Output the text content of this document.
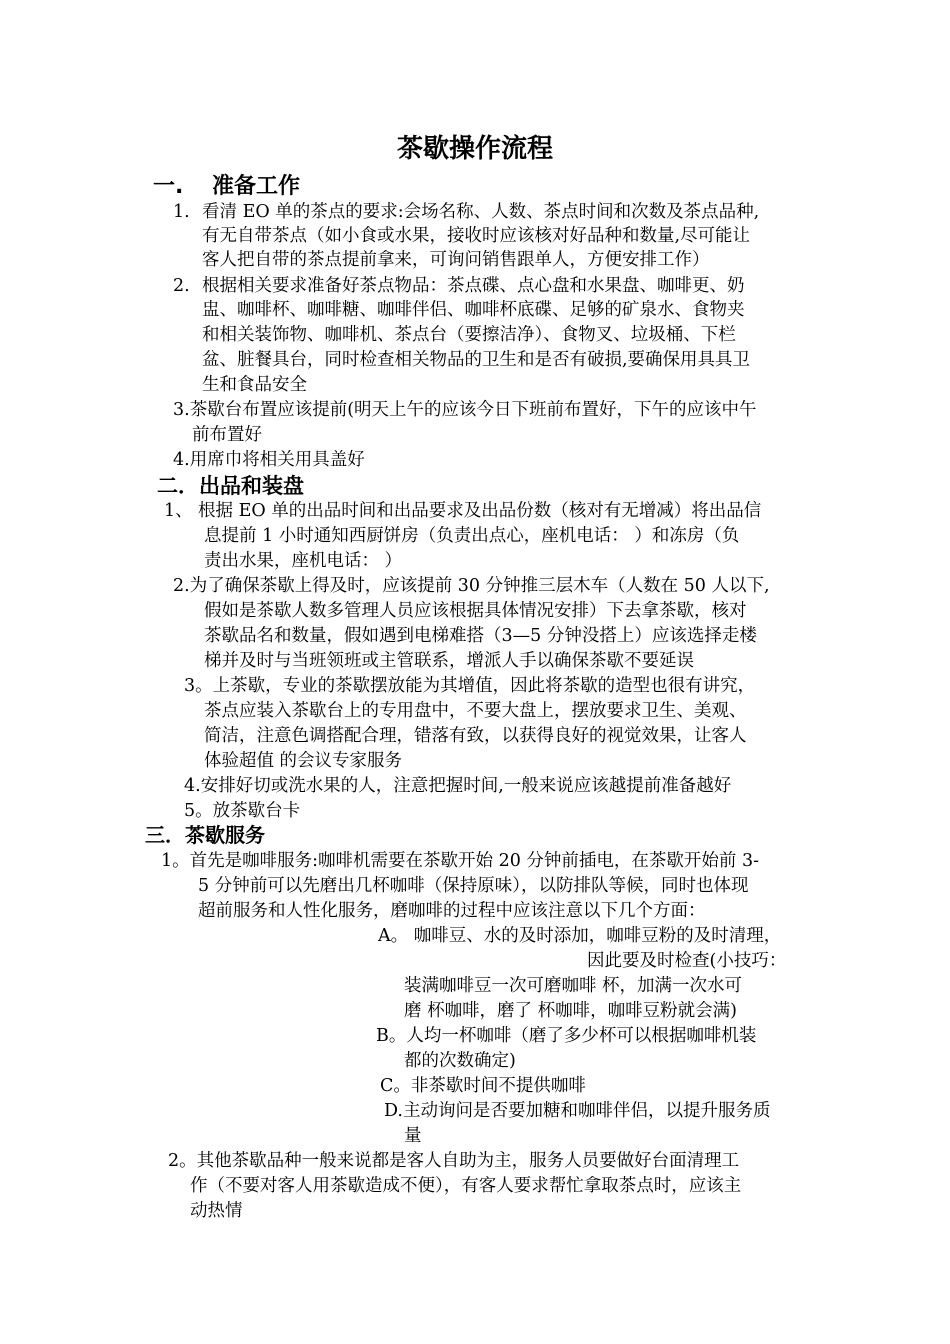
茶歇操作流程
一. 准备工作
1. 看清 EO 单的茶点的要求:会场名称、人数、茶点时间和次数及茶点品种,
有无自带茶点（如小食或水果，接收时应该核对好品种和数量,尽可能让
客人把自带的茶点提前拿来，可询问销售跟单人，方便安排工作）
2. 根据相关要求准备好茶点物品：茶点碟、点心盘和水果盘、咖啡更、奶
盅、咖啡杯、咖啡糖、咖啡伴侣、咖啡杯底碟、足够的矿泉水、食物夹
和相关装饰物、咖啡机、茶点台（要擦洁净）、食物叉、垃圾桶、下栏
盆、脏餐具台，同时检查相关物品的卫生和是否有破损,要确保用具具卫
生和食品安全
3.茶歇台布置应该提前(明天上午的应该今日下班前布置好，下午的应该中午
前布置好
4.用席巾将相关用具盖好
二．出品和装盘
1、 根据 EO 单的出品时间和出品要求及出品份数（核对有无增减）将出品信
息提前 1 小时通知西厨饼房（负责出点心，座机电话： ）和冻房（负
责出水果，座机电话： ）
2.为了确保茶歇上得及时，应该提前 30 分钟推三层木车（人数在 50 人以下,
假如是茶歇人数多管理人员应该根据具体情况安排）下去拿茶歇，核对
茶歇品名和数量，假如遇到电梯难搭（3—5 分钟没搭上）应该选择走楼
梯并及时与当班领班或主管联系，增派人手以确保茶歇不要延误
3。上茶歇，专业的茶歇摆放能为其增值，因此将茶歇的造型也很有讲究，
茶点应装入茶歇台上的专用盘中，不要大盘上，摆放要求卫生、美观、
简洁，注意色调搭配合理，错落有致，以获得良好的视觉效果，让客人
体验超值 的会议专家服务
4.安排好切或洗水果的人，注意把握时间,一般来说应该越提前准备越好
5。放茶歇台卡
三．茶歇服务
1。首先是咖啡服务:咖啡机需要在茶歇开始 20 分钟前插电，在茶歇开始前 3-
5 分钟前可以先磨出几杯咖啡（保持原味），以防排队等候，同时也体现
超前服务和人性化服务，磨咖啡的过程中应该注意以下几个方面：
A。 咖啡豆、水的及时添加，咖啡豆粉的及时清理，
因此要及时检查(小技巧：
装满咖啡豆一次可磨咖啡 杯，加满一次水可
磨 杯咖啡，磨了 杯咖啡，咖啡豆粉就会满)
B。人均一杯咖啡（磨了多少杯可以根据咖啡机装
都的次数确定)
C。非茶歇时间不提供咖啡
D.主动询问是否要加糖和咖啡伴侣，以提升服务质
量
2。其他茶歇品种一般来说都是客人自助为主，服务人员要做好台面清理工
作（不要对客人用茶歇造成不便），有客人要求帮忙拿取茶点时，应该主
动热情
